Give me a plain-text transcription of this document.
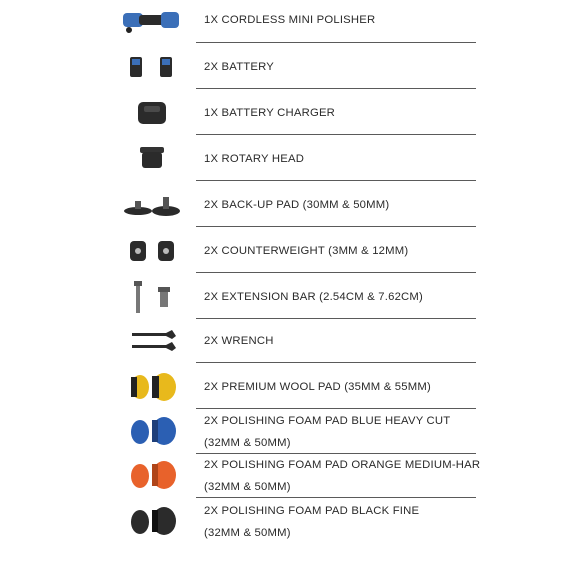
1X CORDLESS MINI POLISHER
2X BATTERY
1X BATTERY CHARGER
1X ROTARY HEAD
2X BACK-UP PAD (30MM & 50MM)
2X COUNTERWEIGHT (3MM & 12MM)
2X EXTENSION BAR (2.54CM & 7.62CM)
2X WRENCH
2X PREMIUM WOOL PAD (35MM & 55MM)
2X POLISHING FOAM PAD BLUE HEAVY CUT
(32MM & 50MM)
2X POLISHING FOAM PAD ORANGE MEDIUM-HAR
(32MM & 50MM)
2X POLISHING FOAM PAD BLACK FINE
(32MM & 50MM)
